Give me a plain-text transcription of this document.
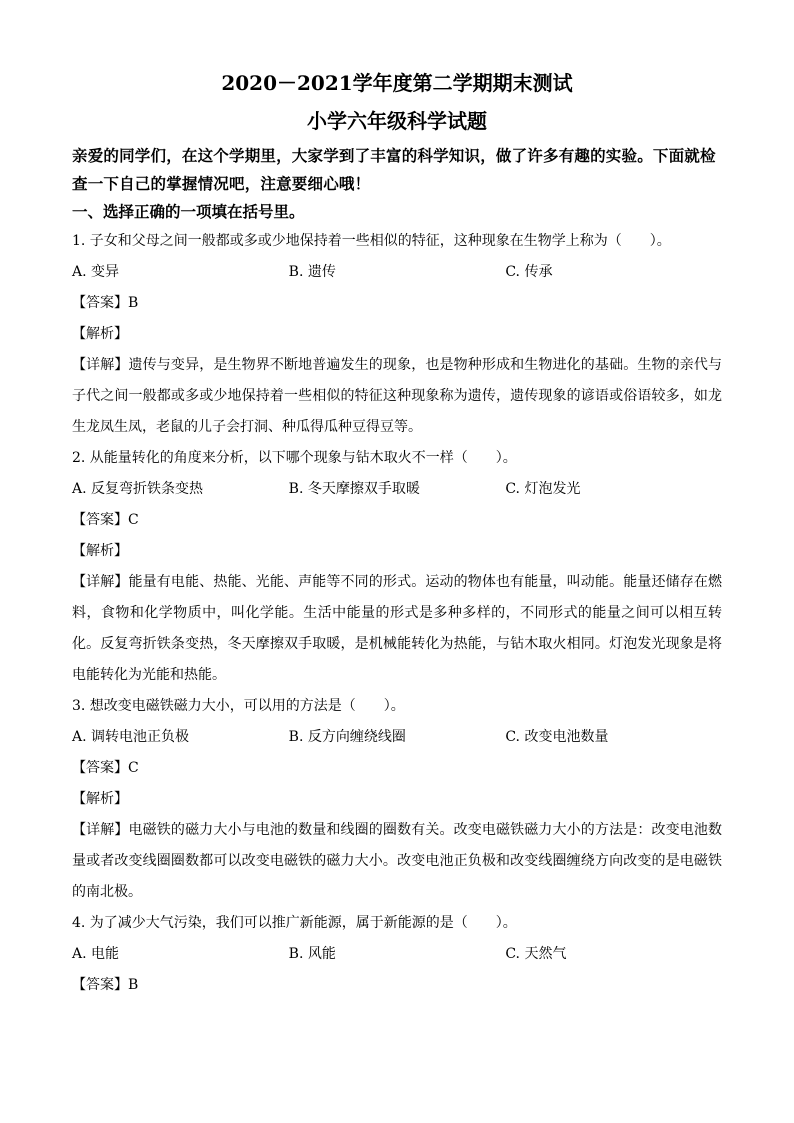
2020－2021学年度第二学期期末测试
小学六年级科学试题
亲爱的同学们，在这个学期里，大家学到了丰富的科学知识，做了许多有趣的实验。下面就检查一下自己的掌握情况吧，注意要细心哦！
一、选择正确的一项填在括号里。
1. 子女和父母之间一般都或多或少地保持着一些相似的特征，这种现象在生物学上称为（　　）。
A. 变异	B. 遗传	C. 传承
【答案】B
【解析】
【详解】遗传与变异，是生物界不断地普遍发生的现象，也是物种形成和生物进化的基础。生物的亲代与子代之间一般都或多或少地保持着一些相似的特征这种现象称为遗传，遗传现象的谚语或俗语较多，如龙生龙凤生凤，老鼠的儿子会打洞、种瓜得瓜种豆得豆等。
2. 从能量转化的角度来分析，以下哪个现象与钻木取火不一样（　　）。
A. 反复弯折铁条变热	B. 冬天摩擦双手取暖	C. 灯泡发光
【答案】C
【解析】
【详解】能量有电能、热能、光能、声能等不同的形式。运动的物体也有能量，叫动能。能量还储存在燃料，食物和化学物质中，叫化学能。生活中能量的形式是多种多样的，不同形式的能量之间可以相互转化。反复弯折铁条变热，冬天摩擦双手取暖，是机械能转化为热能，与钻木取火相同。灯泡发光现象是将电能转化为光能和热能。
3. 想改变电磁铁磁力大小，可以用的方法是（　　）。
A. 调转电池正负极	B. 反方向缠绕线圈	C. 改变电池数量
【答案】C
【解析】
【详解】电磁铁的磁力大小与电池的数量和线圈的圈数有关。改变电磁铁磁力大小的方法是：改变电池数量或者改变线圈圈数都可以改变电磁铁的磁力大小。改变电池正负极和改变线圈缠绕方向改变的是电磁铁的南北极。
4. 为了减少大气污染，我们可以推广新能源，属于新能源的是（　　）。
A. 电能	B. 风能	C. 天然气
【答案】B
